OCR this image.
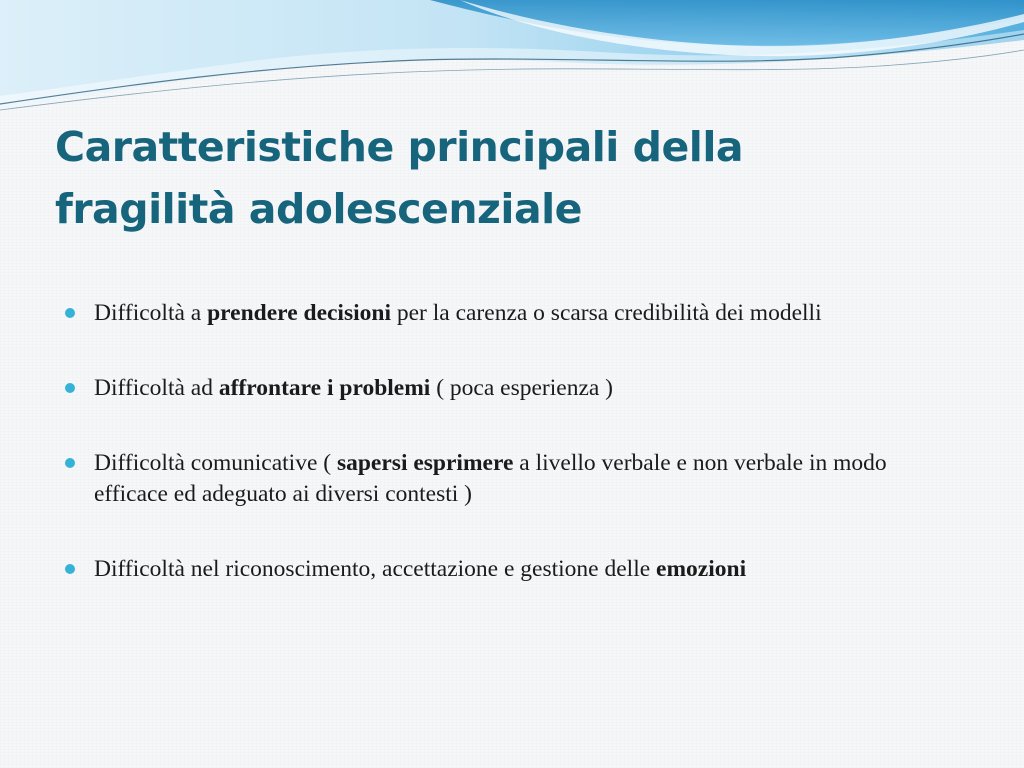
Caratteristiche principali della
fragilità adolescenziale
Difficoltà a prendere decisioni per la carenza o scarsa credibilità dei modelli
Difficoltà ad affrontare i problemi ( poca esperienza )
Difficoltà comunicative ( sapersi esprimere a livello verbale e non verbale in modo efficace ed adeguato ai diversi contesti )
Difficoltà nel riconoscimento, accettazione e gestione delle emozioni
